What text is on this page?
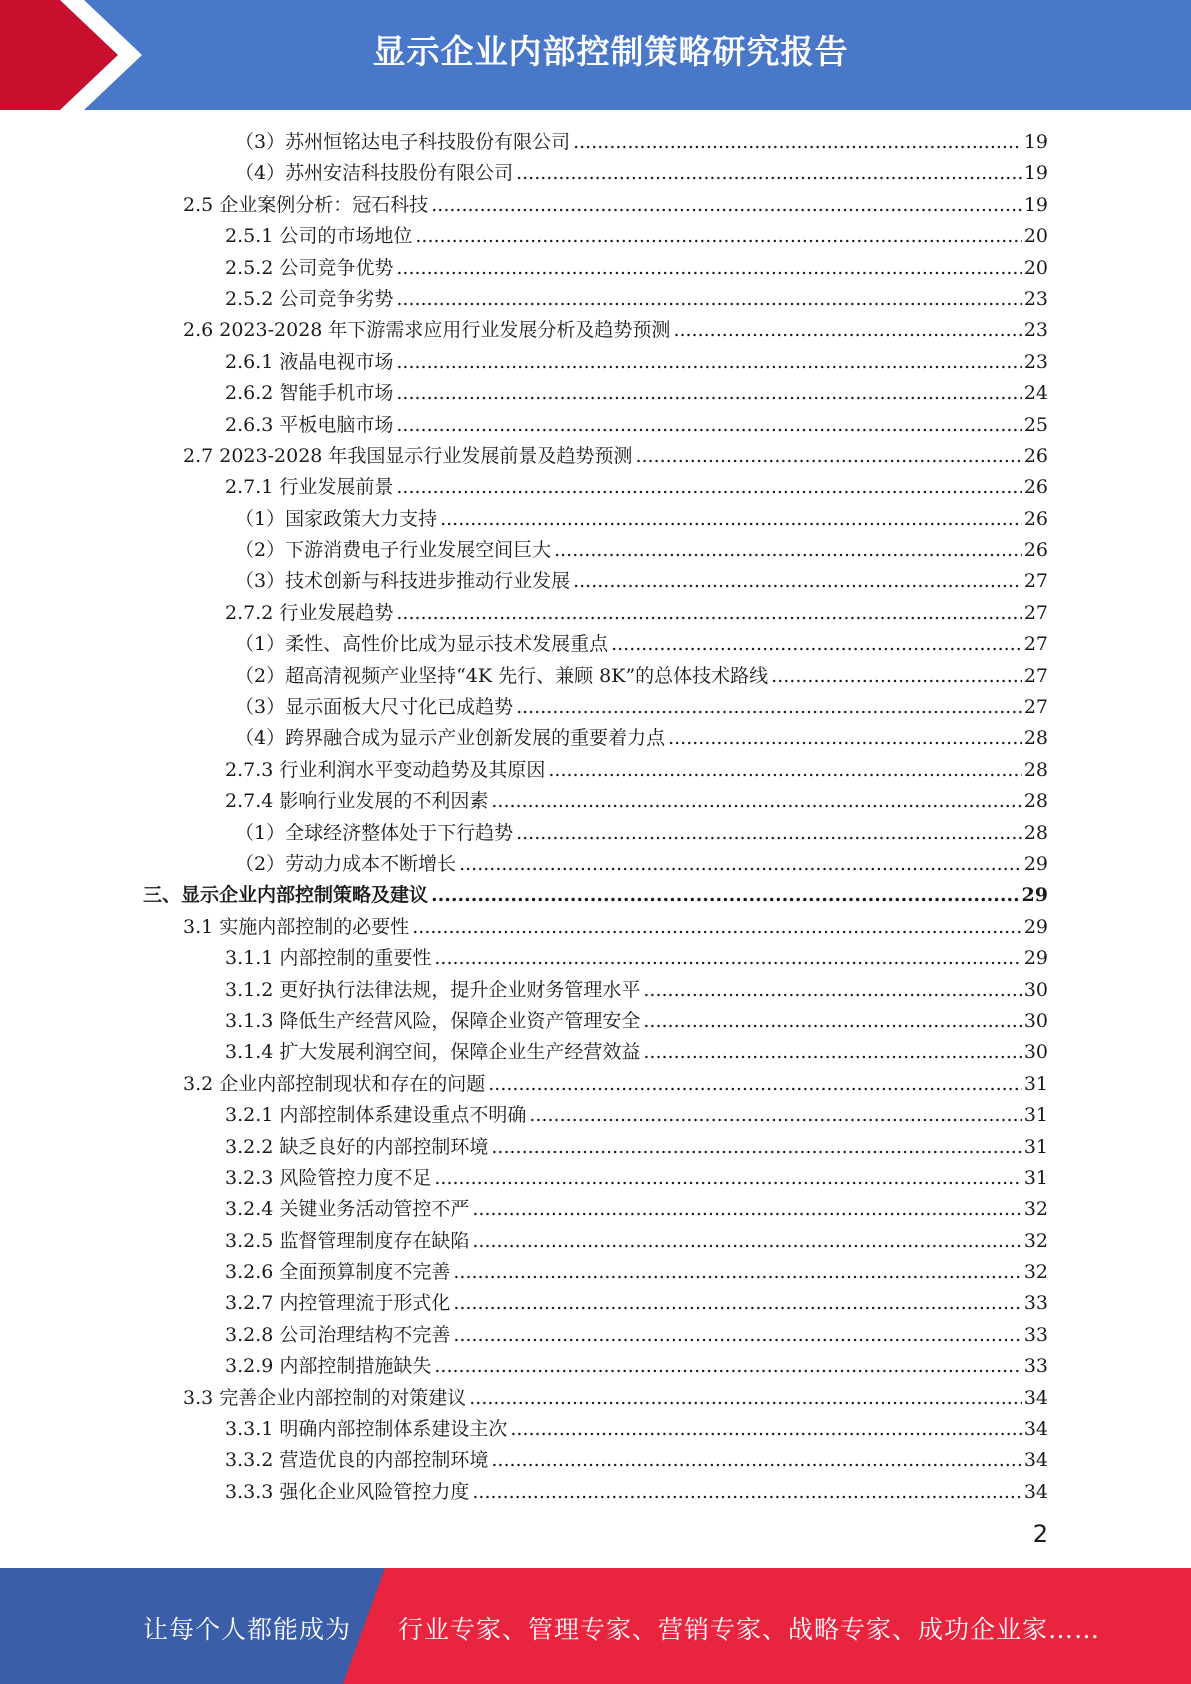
显示企业内部控制策略研究报告
（3）苏州恒铭达电子科技股份有限公司 .....	19
（4）苏州安洁科技股份有限公司 .....	19
2.5 企业案例分析：冠石科技 .....	19
2.5.1 公司的市场地位 .....	20
2.5.2 公司竞争优势 .....	20
2.5.2 公司竞争劣势 .....	23
2.6 2023-2028 年下游需求应用行业发展分析及趋势预测 .....	23
2.6.1 液晶电视市场 .....	23
2.6.2 智能手机市场 .....	24
2.6.3 平板电脑市场 .....	25
2.7 2023-2028 年我国显示行业发展前景及趋势预测 .....	26
2.7.1 行业发展前景 .....	26
（1）国家政策大力支持 .....	26
（2）下游消费电子行业发展空间巨大 .....	26
（3）技术创新与科技进步推动行业发展 .....	27
2.7.2 行业发展趋势 .....	27
（1）柔性、高性价比成为显示技术发展重点 .....	27
（2）超高清视频产业坚持“4K 先行、兼顾 8K”的总体技术路线 .....	27
（3）显示面板大尺寸化已成趋势 .....	27
（4）跨界融合成为显示产业创新发展的重要着力点 .....	28
2.7.3 行业利润水平变动趋势及其原因 .....	28
2.7.4 影响行业发展的不利因素 .....	28
（1）全球经济整体处于下行趋势 .....	28
（2）劳动力成本不断增长 .....	29
三、显示企业内部控制策略及建议 .....	29
3.1 实施内部控制的必要性 .....	29
3.1.1 内部控制的重要性 .....	29
3.1.2 更好执行法律法规，提升企业财务管理水平 .....	30
3.1.3 降低生产经营风险，保障企业资产管理安全 .....	30
3.1.4 扩大发展利润空间，保障企业生产经营效益 .....	30
3.2 企业内部控制现状和存在的问题 .....	31
3.2.1 内部控制体系建设重点不明确 .....	31
3.2.2 缺乏良好的内部控制环境 .....	31
3.2.3 风险管控力度不足 .....	31
3.2.4 关键业务活动管控不严 .....	32
3.2.5 监督管理制度存在缺陷 .....	32
3.2.6 全面预算制度不完善 .....	32
3.2.7 内控管理流于形式化 .....	33
3.2.8 公司治理结构不完善 .....	33
3.2.9 内部控制措施缺失 .....	33
3.3 完善企业内部控制的对策建议 .....	34
3.3.1 明确内部控制体系建设主次 .....	34
3.3.2 营造优良的内部控制环境 .....	34
3.3.3 强化企业风险管控力度 .....	34
2
让每个人都能成为 行业专家、管理专家、营销专家、战略专家、成功企业家……
